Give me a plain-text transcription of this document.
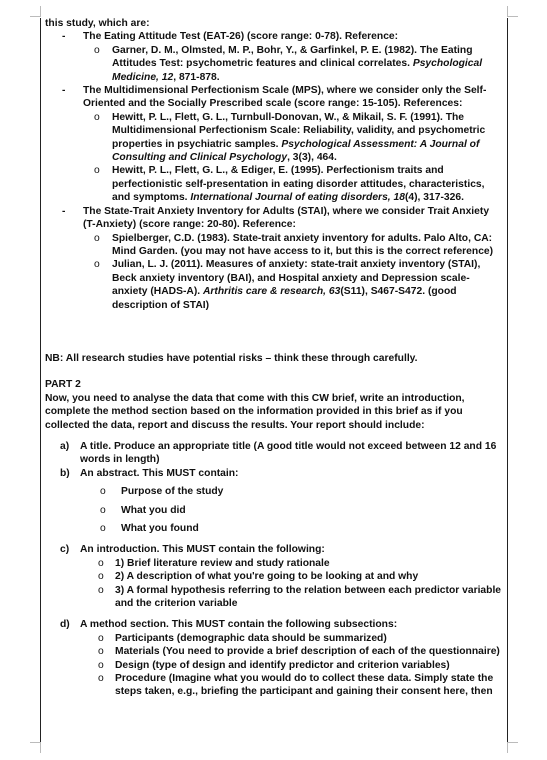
this study, which are:

-	The Eating Attitude Test (EAT-26) (score range: 0-78). Reference:
o	Garner, D. M., Olmsted, M. P., Bohr, Y., & Garfinkel, P. E. (1982). The Eating Attitudes Test: psychometric features and clinical correlates. Psychological Medicine, 12, 871-878.
-	The Multidimensional Perfectionism Scale (MPS), where we consider only the Self-Oriented and the Socially Prescribed scale (score range: 15-105). References:
o	Hewitt, P. L., Flett, G. L., Turnbull-Donovan, W., & Mikail, S. F. (1991). The Multidimensional Perfectionism Scale: Reliability, validity, and psychometric properties in psychiatric samples. Psychological Assessment: A Journal of Consulting and Clinical Psychology, 3(3), 464.
o	Hewitt, P. L., Flett, G. L., & Ediger, E. (1995). Perfectionism traits and perfectionistic self-presentation in eating disorder attitudes, characteristics, and symptoms. International Journal of eating disorders, 18(4), 317-326.
-	The State-Trait Anxiety Inventory for Adults (STAI), where we consider Trait Anxiety (T-Anxiety) (score range: 20-80). Reference:
o	Spielberger, C.D. (1983). State-trait anxiety inventory for adults. Palo Alto, CA: Mind Garden. (you may not have access to it, but this is the correct reference)
o	Julian, L. J. (2011). Measures of anxiety: state-trait anxiety inventory (STAI), Beck anxiety inventory (BAI), and Hospital anxiety and Depression scale-anxiety (HADS-A). Arthritis care & research, 63(S11), S467-S472. (good description of STAI)

NB: All research studies have potential risks – think these through carefully.

PART 2

Now, you need to analyse the data that come with this CW brief, write an introduction, complete the method section based on the information provided in this brief as if you collected the data, report and discuss the results. Your report should include:

a)	A title. Produce an appropriate title (A good title would not exceed between 12 and 16 words in length)
b) An abstract. This MUST contain:
o	Purpose of the study
o	What you did
o	What you found
c)	An introduction. This MUST contain the following:
o	1) Brief literature review and study rationale
o	2) A description of what you're going to be looking at and why
o	3) A formal hypothesis referring to the relation between each predictor variable and the criterion variable
d) A method section. This MUST contain the following subsections:
o	Participants (demographic data should be summarized)
o	Materials (You need to provide a brief description of each of the questionnaire)
o	Design (type of design and identify predictor and criterion variables)
o	Procedure (Imagine what you would do to collect these data. Simply state the steps taken, e.g., briefing the participant and gaining their consent here, then
